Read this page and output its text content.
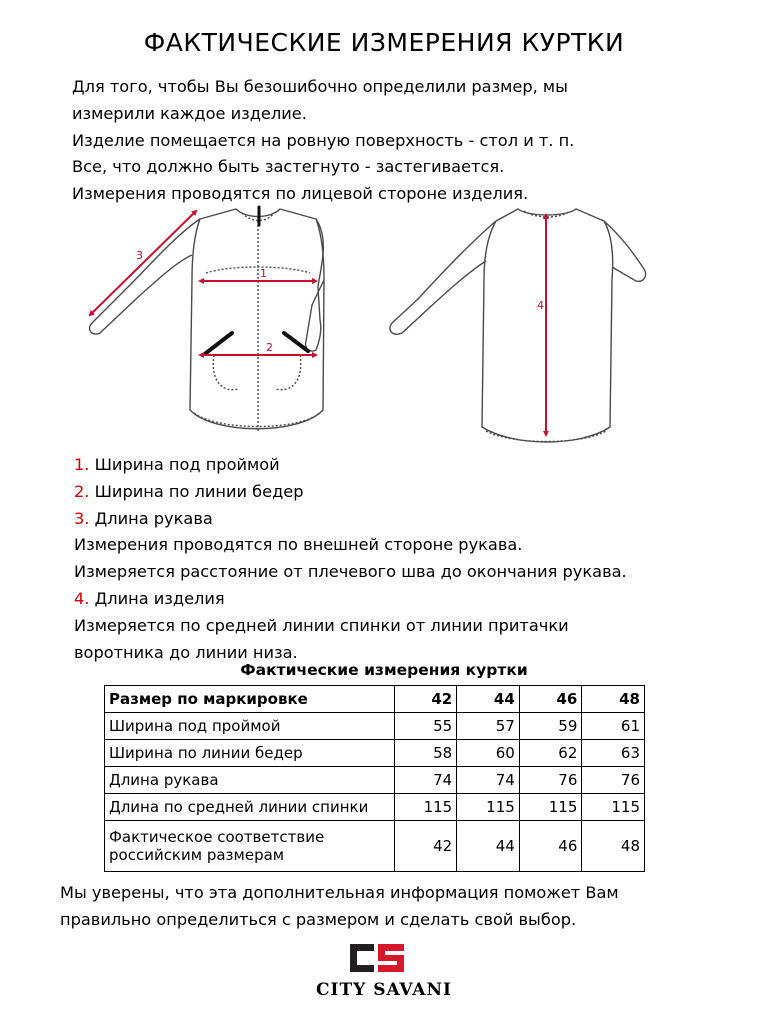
ФАКТИЧЕСКИЕ ИЗМЕРЕНИЯ КУРТКИ
Для того, чтобы Вы безошибочно определили размер, мы
измерили каждое изделие.
Изделие помещается на ровную поверхность - стол и т. п.
Все, что должно быть застегнуто - застегивается.
Измерения проводятся по лицевой стороне изделия.
1
2
3
4
1. Ширина под проймой
2. Ширина по линии бедер
3. Длина рукава
Измерения проводятся по внешней стороне рукава.
Измеряется расстояние от плечевого шва до окончания рукава.
4. Длина изделия
Измеряется по средней линии спинки от линии притачки
воротника до линии низа.
Фактические измерения куртки
Размер по маркировке	42	44	46	48
Ширина под проймой	55	57	59	61
Ширина по линии бедер	58	60	62	63
Длина рукава	74	74	76	76
Длина по средней линии спинки	115	115	115	115

Фактическое соответствие
российским размерам	42	44	46	48
Мы уверены, что эта дополнительная информация поможет Вам
правильно определиться с размером и сделать свой выбор.
CITY SAVANI
